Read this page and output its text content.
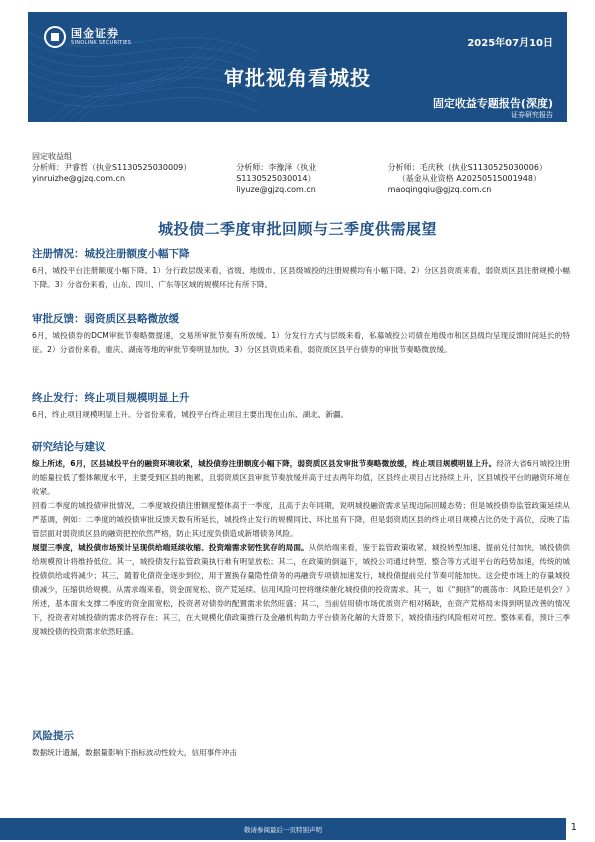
国金证券
SINOLINK SECURITIES	2025年07月10日
审批视角看城投
固定收益专题报告(深度)
证券研究报告
固定收益组
分析师：尹睿哲（执业S1130525030009）
yinruizhe@gjzq.com.cn
分析师：李豫泽（执业S1130525030014）
liyuze@gjzq.com.cn
分析师：毛庆秋（执业S1130525030006）
（基金从业资格 A20250515001948）
maoqingqiu@gjzq.com.cn
城投债二季度审批回顾与三季度供需展望
注册情况：城投注册额度小幅下降

6月，城投平台注册额度小幅下降。1）分行政层级来看，省级、地级市、区县级城投的注册规模均有小幅下降。2）分区县资质来看，弱资质区县注册规模小幅下降。3）分省份来看，山东、四川、广东等区域的规模环比有所下降。

审批反馈：弱资质区县略微放缓

6月，城投债券的DCM审批节奏略微提速，交易所审批节奏有所放缓。1）分发行方式与层级来看，私募城投公司债在地级市和区县级均呈现反馈时间延长的特征。2）分省份来看，重庆、湖南等地的审批节奏明显加快。3）分区县资质来看，弱资质区县平台债券的审批节奏略微放缓。

终止发行：终止项目规模明显上升

6月，终止项目规模明显上升。分省份来看，城投平台终止项目主要出现在山东、湖北、新疆。

研究结论与建议

综上所述，6月，区县城投平台的融资环境收紧，城投债券注册额度小幅下降，弱资质区县发审批节奏略微放缓，终止项目规模明显上升。经济大省6月城投注册的缩量拉低了整体额度水平，主要受到区县的拖累，且弱资质区县审批节奏放缓并高于过去两年均值，区县终止项目占比持续上升，区县城投平台的融资环境在收紧。

回看二季度的城投债审批情况，二季度城投债注册额度整体高于一季度，且高于去年同期，说明城投融资需求呈现边际回暖态势；但是城投债券监管政策延续从严基调，例如：二季度的城投债审批反馈天数有所延长，城投终止发行的规模同比、环比虽有下降，但是弱资质区县的终止项目规模占比仍处于高位，反映了监管层面对弱资质区县的融资把控依然严格，防止其过度负债造成新增债务风险。

展望三季度，城投债市场预计呈现供给端延续收缩、投资端需求韧性犹存的局面。从供给端来看，鉴于监管政策收紧、城投转型加速、提前兑付加快，城投债供给规模预计将维持低位。其一，城投债发行监管政策执行难有明显放松；其二，在政策的倒逼下，城投公司通过转型、整合等方式退平台的趋势加速，传统的城投债供给或将减少；其三，随着化债资金逐步到位，用于置换存量隐性债务的再融资专项债加速发行，城投债提前兑付节奏可能加快。这会使市场上的存量城投债减少，压缩供给规模。从需求端来看，资金面宽松、资产荒延续、信用风险可控将继续催化城投债的投资需求。其一，如《“拥挤”的震荡市：风险还是机会？》所述，基本面未支撑二季度的资金面宽松，投资者对债券的配置需求依然旺盛；其二，当前信用债市场优质资产相对稀缺，在资产荒格局未得到明显改善的情况下，投资者对城投债的需求仍将存在；其三，在大规模化债政策推行及金融机构助力平台债务化解的大背景下，城投债违约风险相对可控。整体来看，预计三季度城投债的投资需求依然旺盛。

风险提示

数据统计遗漏，数据量影响下指标波动性较大，信用事件冲击

敬请参阅最后一页特别声明	1
